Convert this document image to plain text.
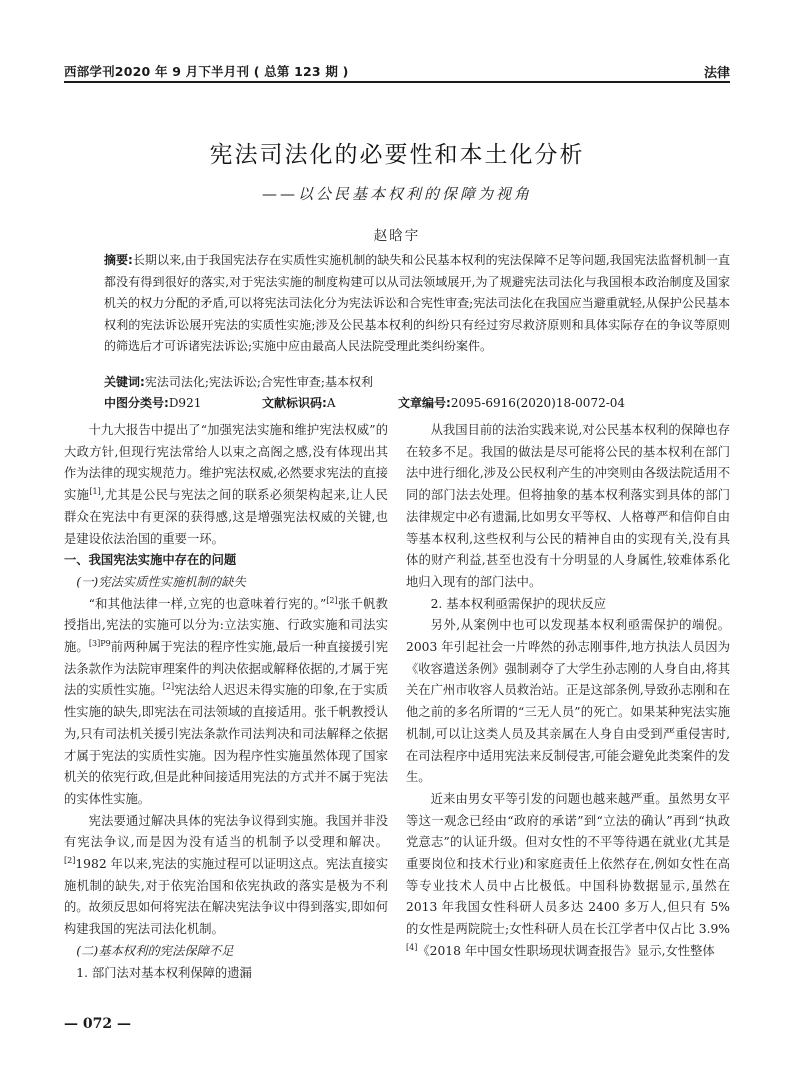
西部学刊2020 年 9 月下半月刊 ( 总第 123 期 )	法律
宪法司法化的必要性和本土化分析
——以公民基本权利的保障为视角
赵晗宇
摘要:长期以来,由于我国宪法存在实质性实施机制的缺失和公民基本权利的宪法保障不足等问题,我国宪法监督机制一直都没有得到很好的落实,对于宪法实施的制度构建可以从司法领域展开,为了规避宪法司法化与我国根本政治制度及国家机关的权力分配的矛盾,可以将宪法司法化分为宪法诉讼和合宪性审查;宪法司法化在我国应当避重就轻,从保护公民基本权利的宪法诉讼展开宪法的实质性实施;涉及公民基本权利的纠纷只有经过穷尽救济原则和具体实际存在的争议等原则的筛选后才可诉诸宪法诉讼;实施中应由最高人民法院受理此类纠纷案件。
关键词:宪法司法化;宪法诉讼;合宪性审查;基本权利
中图分类号:D921	文献标识码:A	文章编号:2095-6916(2020)18-0072-04

十九大报告中提出了“加强宪法实施和维护宪法权威”的大政方针,但现行宪法常给人以束之高阁之感,没有体现出其作为法律的现实规范力。维护宪法权威,必然要求宪法的直接实施[1],尤其是公民与宪法之间的联系必须架构起来,让人民群众在宪法中有更深的获得感,这是增强宪法权威的关键,也是建设依法治国的重要一环。

一、我国宪法实施中存在的问题

(一)宪法实质性实施机制的缺失

“和其他法律一样,立宪的也意味着行宪的。”[2]张千帆教授指出,宪法的实施可以分为:立法实施、行政实施和司法实施。$^{[3]P9}$前两种属于宪法的程序性实施,最后一种直接援引宪法条款作为法院审理案件的判决依据或解释依据的,才属于宪法的实质性实施。[2]宪法给人迟迟未得实施的印象,在于实质性实施的缺失,即宪法在司法领域的直接适用。张千帆教授认为,只有司法机关援引宪法条款作司法判决和司法解释之依据才属于宪法的实质性实施。因为程序性实施虽然体现了国家机关的依宪行政,但是此种间接适用宪法的方式并不属于宪法的实体性实施。

宪法要通过解决具体的宪法争议得到实施。我国并非没有宪法争议,而是因为没有适当的机制予以受理和解决。[2]1982 年以来,宪法的实施过程可以证明这点。宪法直接实施机制的缺失,对于依宪治国和依宪执政的落实是极为不利的。故须反思如何将宪法在解决宪法争议中得到落实,即如何构建我国的宪法司法化机制。

(二)基本权利的宪法保障不足

1. 部门法对基本权利保障的遗漏

从我国目前的法治实践来说,对公民基本权利的保障也存在较多不足。我国的做法是尽可能将公民的基本权利在部门法中进行细化,涉及公民权利产生的冲突则由各级法院适用不同的部门法去处理。但将抽象的基本权利落实到具体的部门法律规定中必有遗漏,比如男女平等权、人格尊严和信仰自由等基本权利,这些权利与公民的精神自由的实现有关,没有具体的财产利益,甚至也没有十分明显的人身属性,较难体系化地归入现有的部门法中。

2. 基本权利亟需保护的现状反应

另外,从案例中也可以发现基本权利亟需保护的端倪。2003 年引起社会一片哗然的孙志刚事件,地方执法人员因为《收容遣送条例》强制剥夺了大学生孙志刚的人身自由,将其关在广州市收容人员救治站。正是这部条例,导致孙志刚和在他之前的多名所谓的“三无人员”的死亡。如果某种宪法实施机制,可以让这类人员及其亲属在人身自由受到严重侵害时,在司法程序中适用宪法来反制侵害,可能会避免此类案件的发生。

近来由男女平等引发的问题也越来越严重。虽然男女平等这一观念已经由“政府的承诺”到“立法的确认”再到“执政党意志”的认证升级。但对女性的不平等待遇在就业(尤其是重要岗位和技术行业)和家庭责任上依然存在,例如女性在高等专业技术人员中占比极低。中国科协数据显示,虽然在 2013 年我国女性科研人员多达 2400 多万人,但只有 5% 的女性是两院院士;女性科研人员在长江学者中仅占比 3.9%[4]《2018 年中国女性职场现状调查报告》显示,女性整体

— 072 —
